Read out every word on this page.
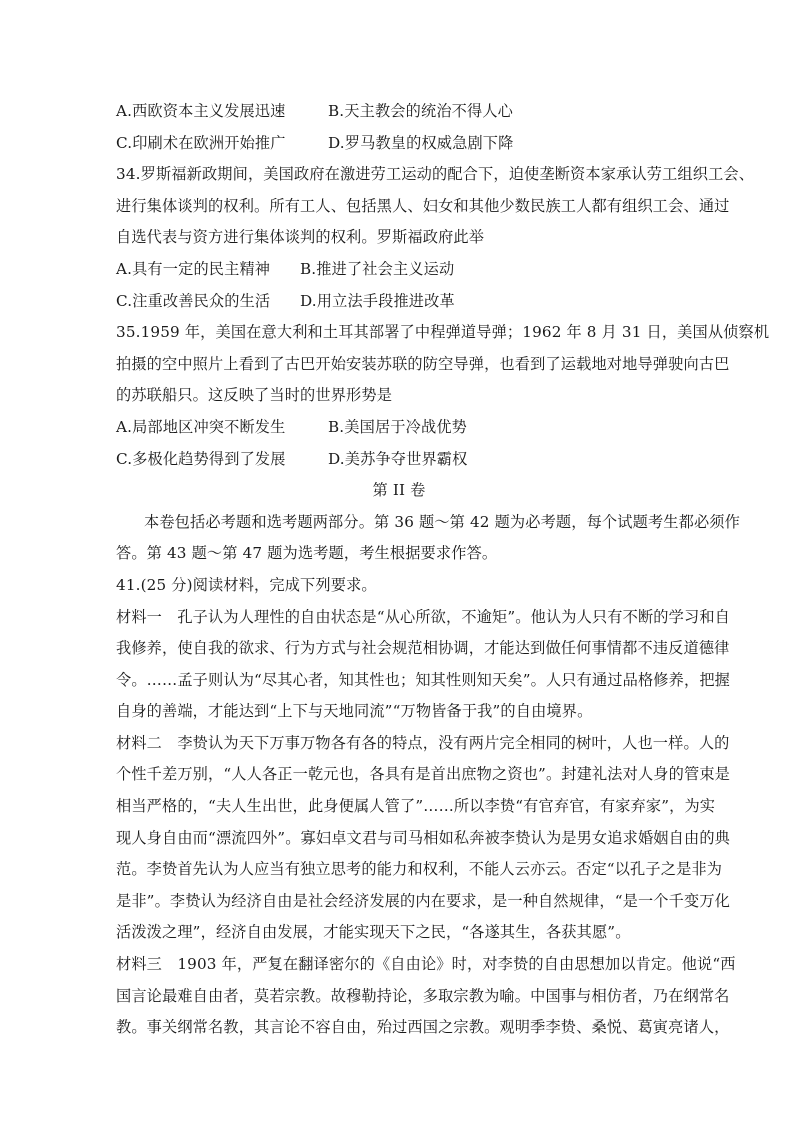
A.西欧资本主义发展迅速	B.天主教会的统治不得人心
C.印刷术在欧洲开始推广	D.罗马教皇的权威急剧下降
34.罗斯福新政期间，美国政府在激进劳工运动的配合下，迫使垄断资本家承认劳工组织工会、
进行集体谈判的权利。所有工人、包括黑人、妇女和其他少数民族工人都有组织工会、通过
自选代表与资方进行集体谈判的权利。罗斯福政府此举
A.具有一定的民主精神	B.推进了社会主义运动
C.注重改善民众的生活	D.用立法手段推进改革
35.1959 年，美国在意大利和土耳其部署了中程弹道导弹；1962 年 8 月 31 日，美国从侦察机
拍摄的空中照片上看到了古巴开始安装苏联的防空导弹，也看到了运载地对地导弹驶向古巴
的苏联船只。这反映了当时的世界形势是
A.局部地区冲突不断发生	B.美国居于冷战优势
C.多极化趋势得到了发展	D.美苏争夺世界霸权
第 II 卷
本卷包括必考题和选考题两部分。第 36 题～第 42 题为必考题，每个试题考生都必须作
答。第 43 题～第 47 题为选考题，考生根据要求作答。
41.(25 分)阅读材料，完成下列要求。
材料一　孔子认为人理性的自由状态是“从心所欲，不逾矩”。他认为人只有不断的学习和自
我修养，使自我的欲求、行为方式与社会规范相协调，才能达到做任何事情都不违反道德律
令。……孟子则认为“尽其心者，知其性也；知其性则知天矣”。人只有通过品格修养，把握
自身的善端，才能达到“上下与天地同流”“万物皆备于我”的自由境界。
材料二　李贽认为天下万事万物各有各的特点，没有两片完全相同的树叶，人也一样。人的
个性千差万别，“人人各正一乾元也，各具有是首出庶物之资也”。封建礼法对人身的管束是
相当严格的，“夫人生出世，此身便属人管了”……所以李贽“有官弃官，有家弃家”，为实
现人身自由而“漂流四外”。寡妇卓文君与司马相如私奔被李贽认为是男女追求婚姻自由的典
范。李贽首先认为人应当有独立思考的能力和权利，不能人云亦云。否定“以孔子之是非为
是非”。李贽认为经济自由是社会经济发展的内在要求，是一种自然规律，“是一个千变万化
活泼泼之理”，经济自由发展，才能实现天下之民，“各遂其生，各获其愿”。
材料三　1903 年，严复在翻译密尔的《自由论》时，对李贽的自由思想加以肯定。他说“西
国言论最难自由者，莫若宗教。故穆勒持论，多取宗教为喻。中国事与相仿者，乃在纲常名
教。事关纲常名教，其言论不容自由，殆过西国之宗教。观明季李贽、桑悦、葛寅亮诸人，
